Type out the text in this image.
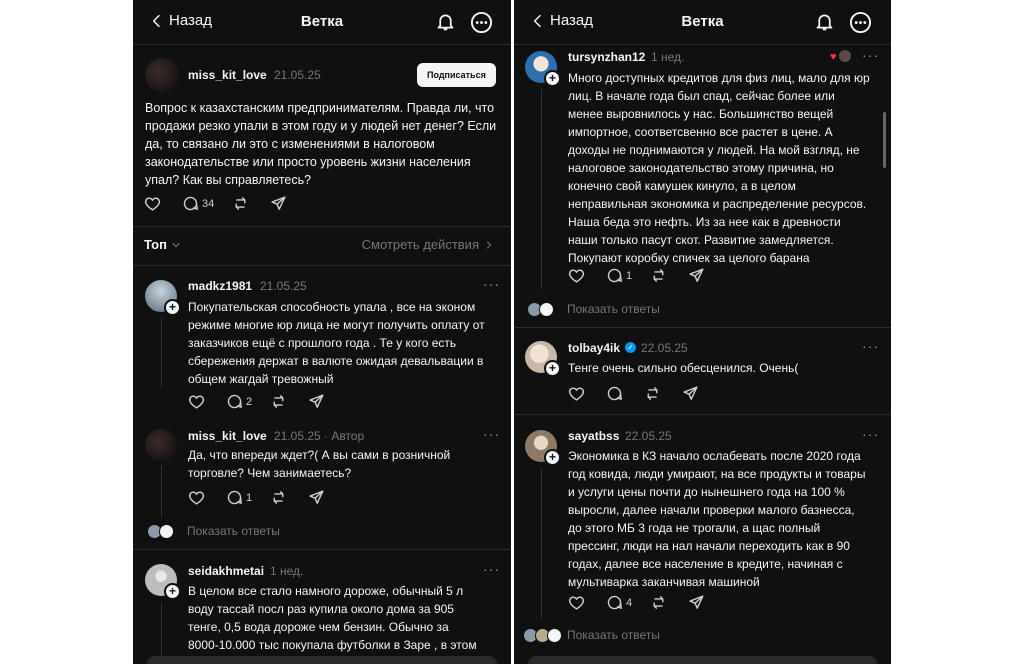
Назад	Ветка
miss_kit_love 21.05.25	Подписаться
Вопрос к казахстанским предпринимателям. Правда ли, что
продажи резко упали в этом году и у людей нет денег? Если
да, то связано ли это с изменениями в налоговом
законодательстве или просто уровень жизни населения
упал? Как вы справляетесь?
34
Топ	Смотреть действия
+
madkz1981 21.05.25	···
Покупательская способность упала , все на эконом
режиме многие юр лица не могут получить оплату от
заказчиков ещё с прошлого года . Те у кого есть
сбережения держат в валюте ожидая девальвации в
общем жагдай тревожный
2
miss_kit_love 21.05.25 · Автор	···
Да, что впереди ждет?( А вы сами в розничной
торговле? Чем занимаетесь?
1
Показать ответы
+
seidakhmetai 1 нед.	···
В целом все стало намного дороже, обычный 5 л
воду тассай посл раз купила около дома за 905
тенге, 0,5 вода дороже чем бензин. Обычно за
8000-10.000 тыс покупала футболки в Заре , в этом
Назад	Ветка
+
tursynzhan12 1 нед.	♥ ···
Много доступных кредитов для физ лиц, мало для юр
лиц. В начале года был спад, сейчас более или
менее выровнилось у нас. Большинство вещей
импортное, соответсвенно все растет в цене. А
доходы не поднимаются у людей. На мой взгляд, не
налоговое законодательство этому причина, но
конечно свой камушек кинуло, а в целом
неправильная экономика и распределение ресурсов.
Наша беда это нефть. Из за нее как в древности
наши только пасут скот. Развитие замедляется.
Покупают коробку спичек за целого барана
1
Показать ответы
+
tolbay4ik ✓ 22.05.25	···
Тенге очень сильно обесценился. Очень(
+
sayatbss 22.05.25	···
Экономика в КЗ начало ослабевать после 2020 года
год ковида, люди умирают, на все продукты и товары
и услуги цены почти до нынешнего года на 100 %
выросли, далее начали проверки малого базнесса,
до этого МБ 3 года не трогали, а щас полный
прессинг, люди на нал начали переходить как в 90
годах, далее все население в кредите, начиная с
мультиварка заканчивая машиной
4
Показать ответы
